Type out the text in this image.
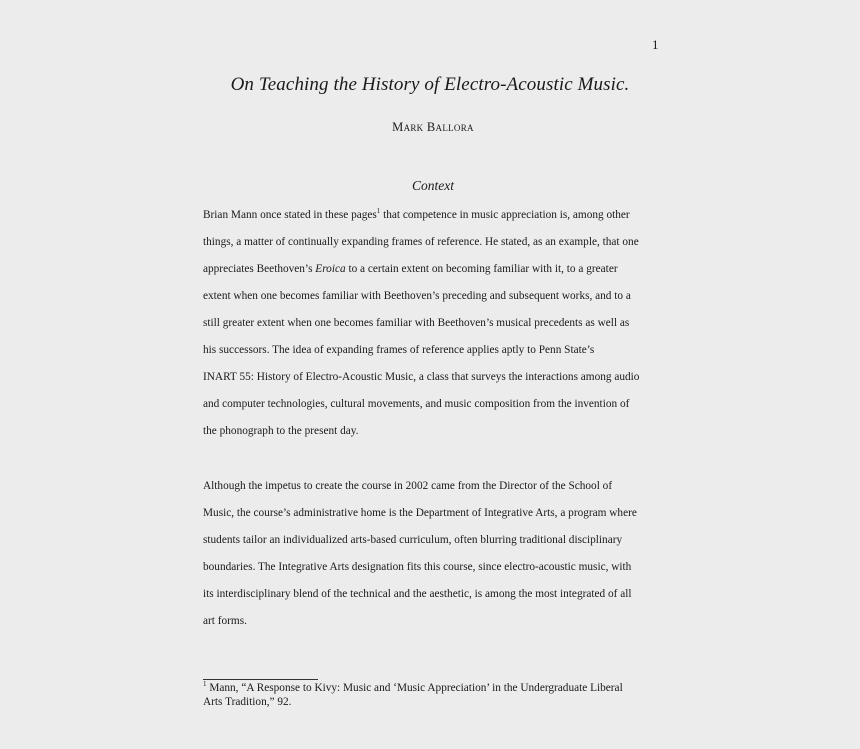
1
On Teaching the History of Electro-Acoustic Music.
Mark Ballora
Context
Brian Mann once stated in these pages$^1$ that competence in music appreciation is, among other
things, a matter of continually expanding frames of reference. He stated, as an example, that one
appreciates Beethoven’s Eroica to a certain extent on becoming familiar with it, to a greater
extent when one becomes familiar with Beethoven’s preceding and subsequent works, and to a
still greater extent when one becomes familiar with Beethoven’s musical precedents as well as
his successors. The idea of expanding frames of reference applies aptly to Penn State’s
INART 55: History of Electro-Acoustic Music, a class that surveys the interactions among audio
and computer technologies, cultural movements, and music composition from the invention of
the phonograph to the present day.
Although the impetus to create the course in 2002 came from the Director of the School of
Music, the course’s administrative home is the Department of Integrative Arts, a program where
students tailor an individualized arts-based curriculum, often blurring traditional disciplinary
boundaries. The Integrative Arts designation fits this course, since electro-acoustic music, with
its interdisciplinary blend of the technical and the aesthetic, is among the most integrated of all
art forms.
$^1$ Mann, “A Response to Kivy: Music and ‘Music Appreciation’ in the Undergraduate Liberal
Arts Tradition,” 92.
